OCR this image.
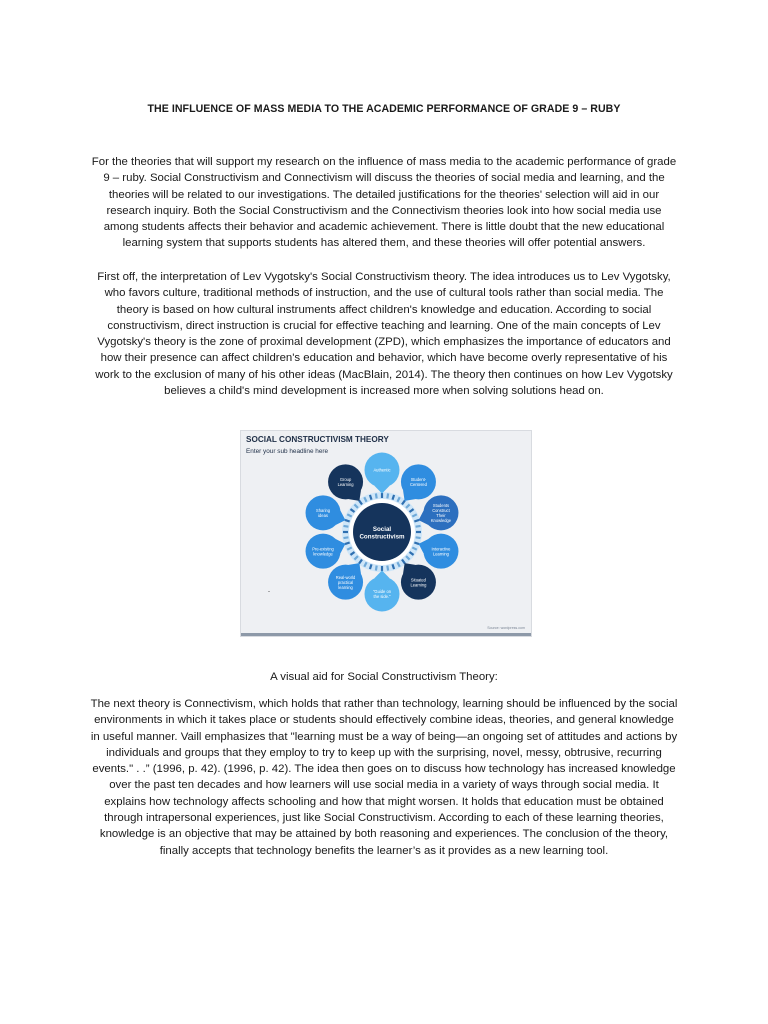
THE INFLUENCE OF MASS MEDIA TO THE ACADEMIC PERFORMANCE OF GRADE 9 – RUBY

For the theories that will support my research on the influence of mass media to the academic performance of grade 9 – ruby. Social Constructivism and Connectivism will discuss the theories of social media and learning, and the theories will be related to our investigations. The detailed justifications for the theories' selection will aid in our research inquiry. Both the Social Constructivism and the Connectivism theories look into how social media use among students affects their behavior and academic achievement. There is little doubt that the new educational learning system that supports students has altered them, and these theories will offer potential answers.

First off, the interpretation of Lev Vygotsky's Social Constructivism theory. The idea introduces us to Lev Vygotsky, who favors culture, traditional methods of instruction, and the use of cultural tools rather than social media. The theory is based on how cultural instruments affect children's knowledge and education. According to social constructivism, direct instruction is crucial for effective teaching and learning. One of the main concepts of Lev Vygotsky's theory is the zone of proximal development (ZPD), which emphasizes the importance of educators and how their presence can affect children's education and behavior, which have become overly representative of his work to the exclusion of many of his other ideas (MacBlain, 2014). The theory then continues on how Lev Vygotsky believes a child's mind development is increased more when solving solutions head on.

SOCIAL CONSTRUCTIVISM THEORY
Enter your sub headline here
-
Social
Constructivism
Authentic
Student-
Centered
Students
Construct
Their
Knowledge
Interactive
Learning
Situated
Learning
"Guide on
the side."
Real-world
practical
learning
Pre-existing
knowledge
Sharing
ideas
Group
Learning
Source: wordpress.com
A visual aid for Social Constructivism Theory:

The next theory is Connectivism, which holds that rather than technology, learning should be influenced by the social environments in which it takes place or students should effectively combine ideas, theories, and general knowledge in useful manner. Vaill emphasizes that "learning must be a way of being—an ongoing set of attitudes and actions by individuals and groups that they employ to try to keep up with the surprising, novel, messy, obtrusive, recurring events." . .” (1996, p. 42). (1996, p. 42). The idea then goes on to discuss how technology has increased knowledge over the past ten decades and how learners will use social media in a variety of ways through social media. It explains how technology affects schooling and how that might worsen. It holds that education must be obtained through intrapersonal experiences, just like Social Constructivism. According to each of these learning theories, knowledge is an objective that may be attained by both reasoning and experiences. The conclusion of the theory, finally accepts that technology benefits the learner’s as it provides as a new learning tool.
